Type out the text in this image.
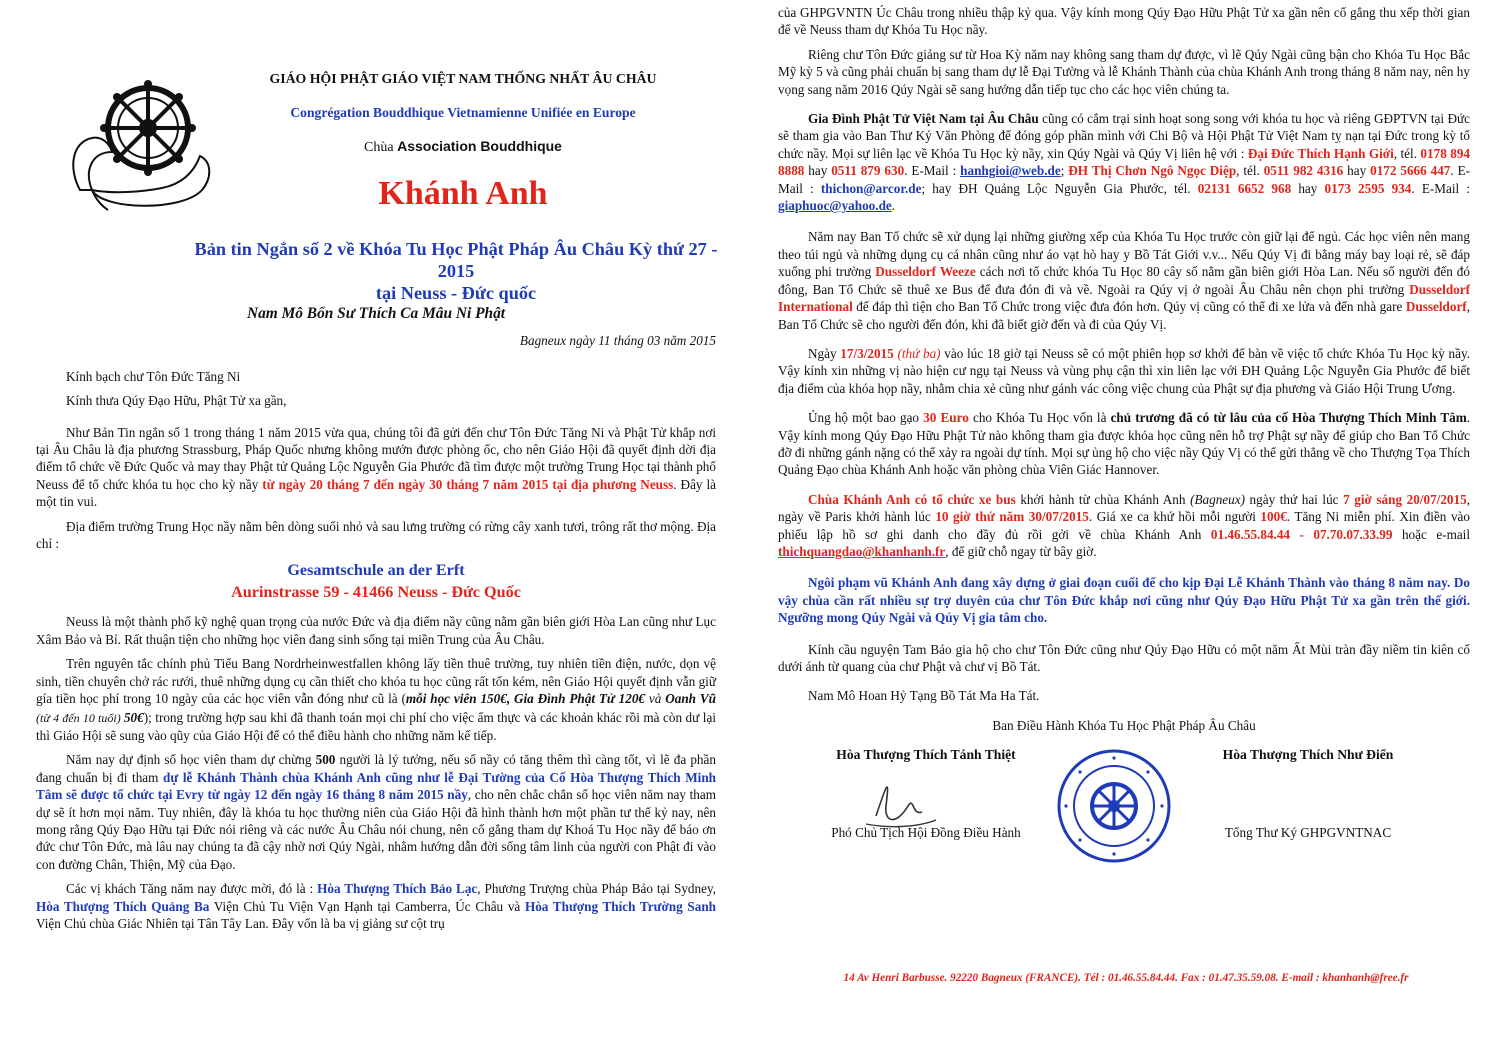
GIÁO HỘI PHẬT GIÁO VIỆT NAM THỐNG NHẤT ÂU CHÂU
Congrégation Bouddhique Vietnamienne Unifiée en Europe
Chùa Association Bouddhique
Khánh Anh
Bản tin Ngắn số 2 về Khóa Tu Học Phật Pháp Âu Châu Kỳ thứ 27 - 2015
tại Neuss - Đức quốc
Nam Mô Bổn Sư Thích Ca Mâu Ni Phật
Bagneux ngày 11 tháng 03 năm 2015

Kính bạch chư Tôn Đức Tăng Ni

Kính thưa Qúy Đạo Hữu, Phật Tử xa gần,

Như Bản Tin ngắn số 1 trong tháng 1 năm 2015 vừa qua, chúng tôi đã gửi đến chư Tôn Đức Tăng Ni và Phật Tử khắp nơi tại Âu Châu là địa phương Strassburg, Pháp Quốc nhưng không mướn được phòng ốc, cho nên Giáo Hội đã quyết định dời địa điểm tổ chức về Đức Quốc và may thay Phật tử Quảng Lộc Nguyễn Gia Phước đã tìm được một trường Trung Học tại thành phố Neuss để tổ chức khóa tu học cho kỳ nầy từ ngày 20 tháng 7 đến ngày 30 tháng 7 năm 2015 tại địa phương Neuss. Đây là một tin vui.

Địa điểm trường Trung Học nầy nằm bên dòng suối nhỏ và sau lưng trường có rừng cây xanh tươi, trông rất thơ mộng. Địa chỉ :

Gesamtschule an der Erft
Aurinstrasse 59 - 41466 Neuss - Đức Quốc

Neuss là một thành phố kỹ nghệ quan trọng của nước Đức và địa điểm nầy cũng nằm gần biên giới Hòa Lan cũng như Lục Xâm Bảo và Bỉ. Rất thuận tiện cho những học viên đang sinh sống tại miền Trung của Âu Châu.

Trên nguyên tắc chính phủ Tiểu Bang Nordrheinwestfallen không lấy tiền thuê trường, tuy nhiên tiền điện, nước, dọn vệ sinh, tiền chuyên chở rác rưới, thuê những dụng cụ cần thiết cho khóa tu học cũng rất tốn kém, nên Giáo Hội quyết định vẫn giữ gía tiền học phí trong 10 ngày của các học viên vẫn đóng như cũ là (mỗi học viên 150€, Gia Đình Phật Tử 120€ và Oanh Vũ (từ 4 đến 10 tuổi) 50€); trong trường hợp sau khi đã thanh toán mọi chi phí cho việc ẩm thực và các khoản khác rồi mà còn dư lại thì Giáo Hội sẽ sung vào qũy của Giáo Hội để có thể điều hành cho những năm kế tiếp.

Năm nay dự định số học viên tham dự chừng 500 người là lý tưởng, nếu số nầy có tăng thêm thì càng tốt, vì lẽ đa phần đang chuẩn bị đi tham dự lễ Khánh Thành chùa Khánh Anh cũng như lễ Đại Tường của Cố Hòa Thượng Thích Minh Tâm sẽ được tổ chức tại Evry từ ngày 12 đến ngày 16 tháng 8 năm 2015 nầy, cho nên chắc chắn số học viên năm nay tham dự sẽ ít hơn mọi năm. Tuy nhiên, đây là khóa tu học thường niên của Giáo Hội đã hình thành hơn một phần tư thế kỷ nay, nên mong rằng Qúy Đạo Hữu tại Đức nói riêng và các nước Âu Châu nói chung, nên cố gắng tham dự Khoá Tu Học nầy để báo ơn đức chư Tôn Đức, mà lâu nay chúng ta đã cậy nhờ nơi Qúy Ngài, nhằm hướng dẫn đời sống tâm linh của người con Phật đi vào con đường Chân, Thiện, Mỹ của Đạo.

Các vị khách Tăng năm nay được mời, đó là : Hòa Thượng Thích Bảo Lạc, Phương Trượng chùa Pháp Bảo tại Sydney, Hòa Thượng Thích Quảng Ba Viện Chủ Tu Viện Vạn Hạnh tại Camberra, Úc Châu và Hòa Thượng Thích Trường Sanh Viện Chủ chùa Giác Nhiên tại Tân Tây Lan. Đây vốn là ba vị giảng sư cột trụ

của GHPGVNTN Úc Châu trong nhiều thập kỷ qua. Vậy kính mong Qúy Đạo Hữu Phật Tử xa gần nên cố gắng thu xếp thời gian để về Neuss tham dự Khóa Tu Học nầy.

Riêng chư Tôn Đức giảng sư từ Hoa Kỳ năm nay không sang tham dự được, vì lẽ Qúy Ngài cũng bận cho Khóa Tu Học Bắc Mỹ kỳ 5 và cũng phải chuẩn bị sang tham dự lễ Đại Tường và lễ Khánh Thành của chùa Khánh Anh trong tháng 8 năm nay, nên hy vọng sang năm 2016 Qúy Ngài sẽ sang hướng dẫn tiếp tục cho các học viên chúng ta.

Gia Đình Phật Tử Việt Nam tại Âu Châu cũng có cắm trại sinh hoạt song song với khóa tu học và riêng GĐPTVN tại Đức sẽ tham gia vào Ban Thư Ký Văn Phòng để đóng góp phần mình với Chi Bộ và Hội Phật Tử Việt Nam tỵ nạn tại Đức trong kỳ tổ chức nầy. Mọi sự liên lạc về Khóa Tu Học kỳ nầy, xin Qúy Ngài và Qúy Vị liên hệ với : Đại Đức Thích Hạnh Giới, tél. 0178 894 8888 hay 0511 879 630. E-Mail : hanhgioi@web.de; ĐH Thị Chơn Ngô Ngọc Diệp, tél. 0511 982 4316 hay 0172 5666 447. E-Mail : thichon@arcor.de; hay ĐH Quảng Lộc Nguyễn Gia Phước, tél. 02131 6652 968 hay 0173 2595 934. E-Mail : giaphuoc@yahoo.de.

Năm nay Ban Tổ chức sẽ xử dụng lại những giường xếp của Khóa Tu Học trước còn giữ lại để ngủ. Các học viên nên mang theo túi ngủ và những dụng cụ cá nhân cũng như áo vạt hò hay y Bồ Tát Giới v.v... Nếu Qúy Vị đi bằng máy bay loại rẻ, sẽ đáp xuống phi trường Dusseldorf Weeze cách nơi tổ chức khóa Tu Học 80 cây số nằm gần biên giới Hòa Lan. Nếu số người đến đó đông, Ban Tổ Chức sẽ thuê xe Bus để đưa đón đi và về. Ngoài ra Qúy vị ở ngoài Âu Châu nên chọn phi trường Dusseldorf International để đáp thì tiện cho Ban Tổ Chức trong việc đưa đón hơn. Qúy vị cũng có thể đi xe lửa và đến nhà gare Dusseldorf, Ban Tổ Chức sẽ cho người đến đón, khi đã biết giờ đến và đi của Qúy Vị.

Ngày 17/3/2015 (thứ ba) vào lúc 18 giờ tại Neuss sẽ có một phiên họp sơ khởi để bàn về việc tổ chức Khóa Tu Học kỳ nầy. Vậy kính xin những vị nào hiện cư ngụ tại Neuss và vùng phụ cận thì xin liên lạc với ĐH Quảng Lộc Nguyễn Gia Phước để biết địa điểm của khóa họp nầy, nhằm chia xẻ cũng như gánh vác công việc chung của Phật sự địa phương và Giáo Hội Trung Ương.

Ủng hộ một bao gạo 30 Euro cho Khóa Tu Học vốn là chủ trương đã có từ lâu của cố Hòa Thượng Thích Minh Tâm. Vậy kính mong Qúy Đạo Hữu Phật Tử nào không tham gia được khóa học cũng nên hỗ trợ Phật sự nầy để giúp cho Ban Tổ Chức đỡ đi những gánh nặng có thể xảy ra ngoài dự tính. Mọi sự ủng hộ cho việc nầy Qúy Vị có thể gửi thẳng về cho Thượng Tọa Thích Quảng Đạo chùa Khánh Anh hoặc văn phòng chùa Viên Giác Hannover.

Chùa Khánh Anh có tổ chức xe bus khởi hành từ chùa Khánh Anh (Bagneux) ngày thứ hai lúc 7 giờ sáng 20/07/2015, ngày về Paris khởi hành lúc 10 giờ thứ năm 30/07/2015. Giá xe ca khứ hồi mỗi người 100€. Tăng Ni miễn phí. Xin điền vào phiếu lập hồ sơ ghi danh cho đầy đủ rồi gởi về chùa Khánh Anh 01.46.55.84.44 - 07.70.07.33.99 hoặc e-mail thichquangdao@khanhanh.fr, để giữ chỗ ngay từ bây giờ.

Ngôi phạm vũ Khánh Anh đang xây dựng ở giai đoạn cuối để cho kịp Đại Lễ Khánh Thành vào tháng 8 năm nay. Do vậy chùa cần rất nhiều sự trợ duyên của chư Tôn Đức khắp nơi cũng như Qúy Đạo Hữu Phật Tử xa gần trên thế giới. Ngưỡng mong Qúy Ngài và Qúy Vị gia tâm cho.

Kính cầu nguyện Tam Bảo gia hộ cho chư Tôn Đức cũng như Qúy Đạo Hữu có một năm Ất Mùi tràn đầy niềm tin kiên cố dưới ánh từ quang của chư Phật và chư vị Bồ Tát.

Nam Mô Hoan Hỷ Tạng Bồ Tát Ma Ha Tát.

Ban Điều Hành Khóa Tu Học Phật Pháp Âu Châu

Hòa Thượng Thích Tánh Thiệt
Phó Chủ Tịch Hội Đồng Điều Hành
Hòa Thượng Thích Như Điển
Tổng Thư Ký GHPGVNTNAC
14 Av Henri Barbusse. 92220 Bagneux (FRANCE). Tél : 01.46.55.84.44. Fax : 01.47.35.59.08. E-mail : khanhanh@free.fr
